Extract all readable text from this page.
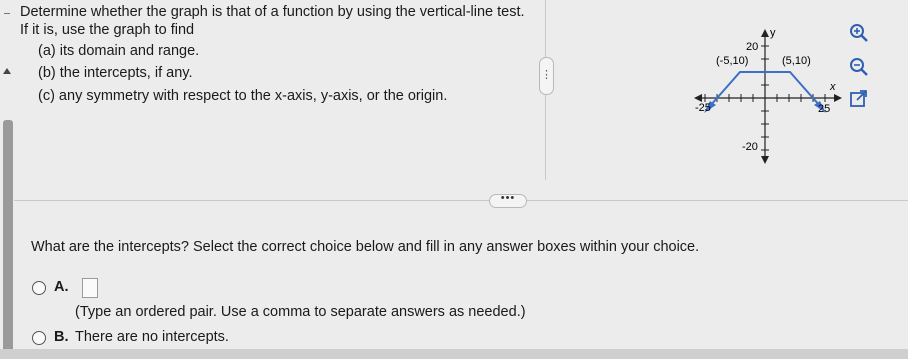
Determine whether the graph is that of a function by using the vertical-line test.
If it is, use the graph to find
(a) its domain and range.
(b) the intercepts, if any.
(c) any symmetry with respect to the x-axis, y-axis, or the origin.
⋮
y
x
20
-20
-25	25
(-5,10)	(5,10)
•••
What are the intercepts? Select the correct choice below and fill in any answer boxes within your choice.
A.
(Type an ordered pair. Use a comma to separate answers as needed.)
B. There are no intercepts.
